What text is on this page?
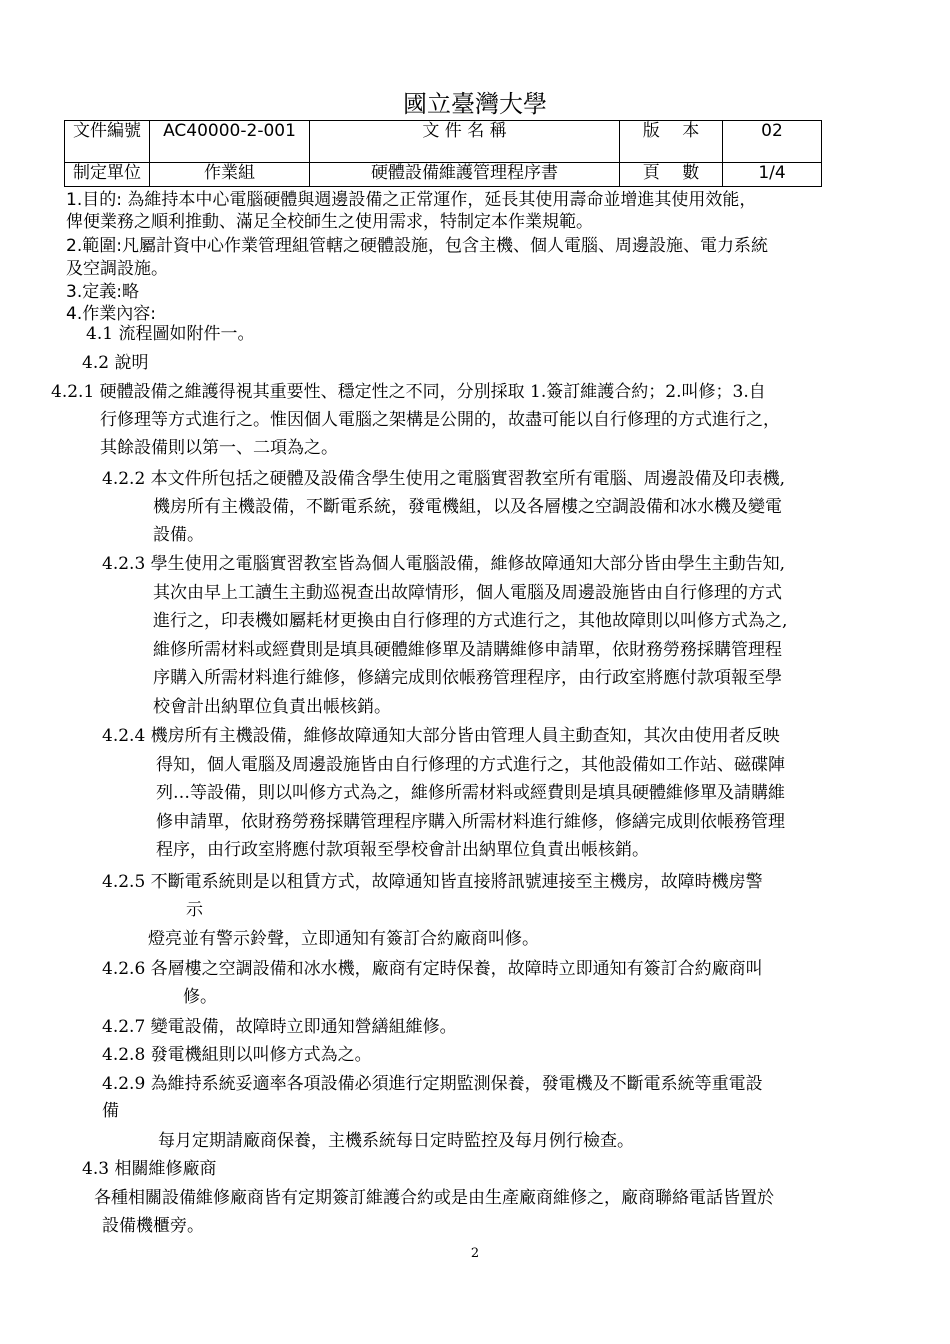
國立臺灣大學
文件編號	AC40000-2-001	文 件 名 稱	版　 本	02
制定單位	作業組	硬體設備維護管理程序書	頁　 數	1/4
1.目的: 為維持本中心電腦硬體與週邊設備之正常運作，延長其使用壽命並增進其使用效能，
俾便業務之順利推動、滿足全校師生之使用需求，特制定本作業規範。
2.範圍:凡屬計資中心作業管理組管轄之硬體設施，包含主機、個人電腦、周邊設施、電力系統
及空調設施。
3.定義:略
4.作業內容:
4.1 流程圖如附件一。
4.2 說明
4.2.1 硬體設備之維護得視其重要性、穩定性之不同，分別採取 1.簽訂維護合約；2.叫修；3.自
行修理等方式進行之。惟因個人電腦之架構是公開的，故盡可能以自行修理的方式進行之，
其餘設備則以第一、二項為之。
4.2.2 本文件所包括之硬體及設備含學生使用之電腦實習教室所有電腦、周邊設備及印表機,
機房所有主機設備，不斷電系統，發電機組，以及各層樓之空調設備和冰水機及變電
設備。
4.2.3 學生使用之電腦實習教室皆為個人電腦設備，維修故障通知大部分皆由學生主動告知,
其次由早上工讀生主動巡視查出故障情形，個人電腦及周邊設施皆由自行修理的方式
進行之，印表機如屬耗材更換由自行修理的方式進行之，其他故障則以叫修方式為之,
維修所需材料或經費則是填具硬體維修單及請購維修申請單，依財務勞務採購管理程
序購入所需材料進行維修，修繕完成則依帳務管理程序，由行政室將應付款項報至學
校會計出納單位負責出帳核銷。
4.2.4 機房所有主機設備，維修故障通知大部分皆由管理人員主動查知，其次由使用者反映
得知，個人電腦及周邊設施皆由自行修理的方式進行之，其他設備如工作站、磁碟陣
列…等設備，則以叫修方式為之，維修所需材料或經費則是填具硬體維修單及請購維
修申請單，依財務勞務採購管理程序購入所需材料進行維修，修繕完成則依帳務管理
程序，由行政室將應付款項報至學校會計出納單位負責出帳核銷。
4.2.5 不斷電系統則是以租賃方式，故障通知皆直接將訊號連接至主機房，故障時機房警
示
燈亮並有警示鈴聲，立即通知有簽訂合約廠商叫修。
4.2.6 各層樓之空調設備和冰水機，廠商有定時保養，故障時立即通知有簽訂合約廠商叫
修。
4.2.7 變電設備，故障時立即通知營繕組維修。
4.2.8 發電機組則以叫修方式為之。
4.2.9 為維持系統妥適率各項設備必須進行定期監測保養，發電機及不斷電系統等重電設
備
每月定期請廠商保養，主機系統每日定時監控及每月例行檢查。
4.3 相關維修廠商
各種相關設備維修廠商皆有定期簽訂維護合約或是由生產廠商維修之，廠商聯絡電話皆置於
設備機櫃旁。
2
